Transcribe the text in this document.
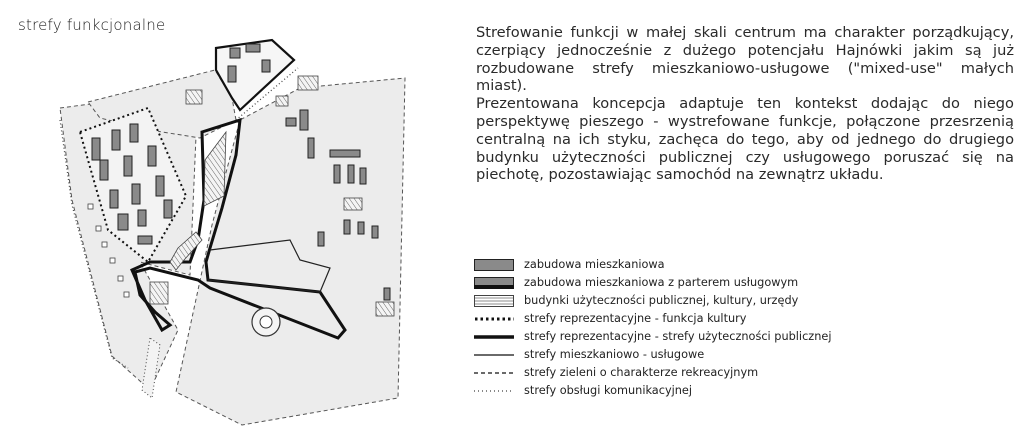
strefy funkcjonalne	Strefowanie funkcji w małej skali centrum ma charakter porządkujący, czerpiący jednocześnie z dużego potencjału Hajnówki jakim są już rozbudowane strefy mieszkaniowo-usługowe ("mixed-use" małych miast).

Prezentowana koncepcja adaptuje ten kontekst dodając do niego perspektywę pieszego - wystrefowane funkcje, połączone przesrzenią centralną na ich styku, zachęca do tego, aby od jednego do drugiego budynku użyteczności publicznej czy usługowego poruszać się na piechotę, pozostawiając samochód na zewnątrz układu.

zabudowa mieszkaniowa
zabudowa mieszkaniowa z parterem usługowym
budynki użyteczności publicznej, kultury, urzędy
strefy reprezentacyjne - funkcja kultury
strefy reprezentacyjne - strefy użyteczności publicznej
strefy mieszkaniowo - usługowe
strefy zieleni o charakterze rekreacyjnym
strefy obsługi komunikacyjnej
